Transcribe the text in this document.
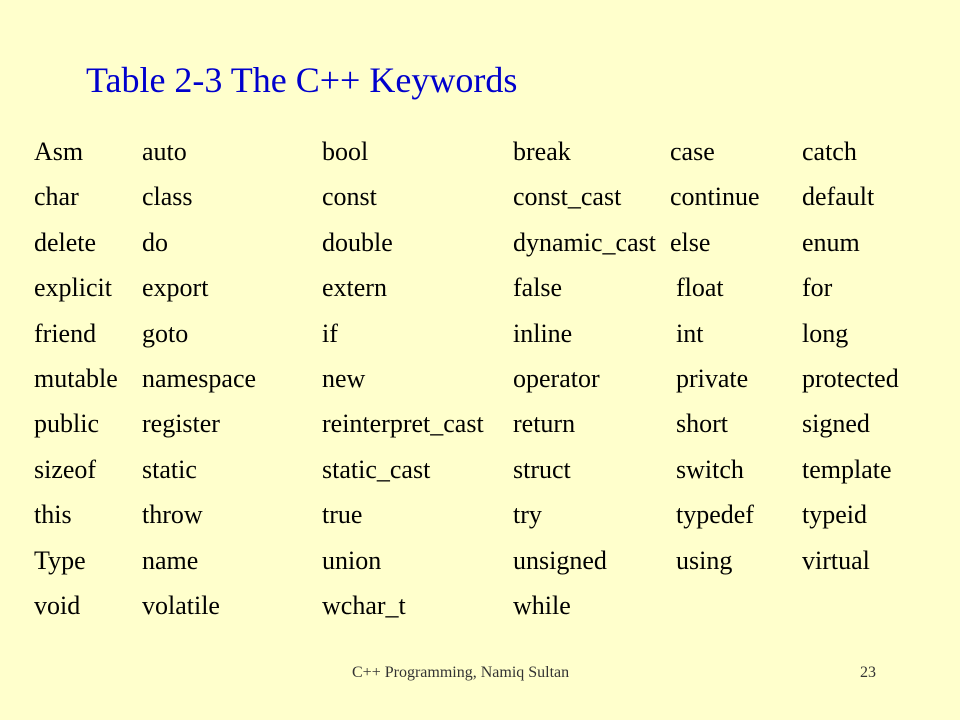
Table 2-3 The C++ Keywords
Asm auto	bool	break	case	catch
char class	const	const_cast continue default
delete do	double	dynamic_cast else	enum
explicit export	extern	false	float	for
friend goto	if	inline	int	long
mutable namespace	new	operator	private protected
public register	reinterpret_cast return	short	signed
sizeof static	static_cast	struct	switch template
this	throw	true	try	typedef typeid
Type name	union	unsigned	using	virtual
void volatile	wchar_t	while
C++ Programming, Namiq Sultan	23
